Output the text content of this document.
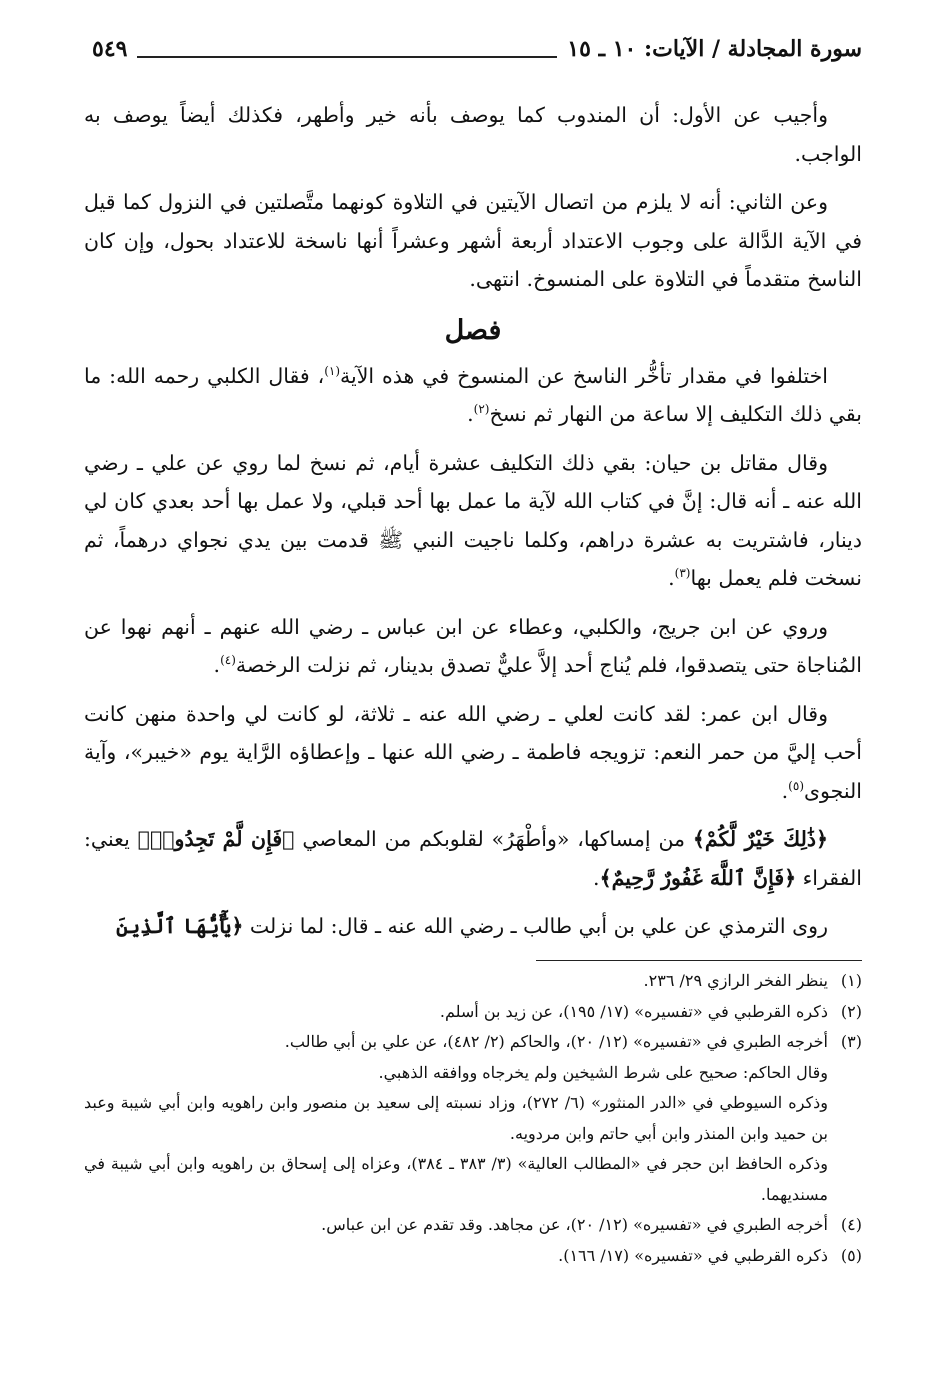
سورة المجادلة / الآيات: ١٠ ـ ١٥
٥٤٩

وأجيب عن الأول: أن المندوب كما يوصف بأنه خير وأطهر، فكذلك أيضاً يوصف به الواجب.

وعن الثاني: أنه لا يلزم من اتصال الآيتين في التلاوة كونهما متَّصلتين في النزول كما قيل في الآية الدَّالة على وجوب الاعتداد أربعة أشهر وعشراً أنها ناسخة للاعتداد بحول، وإن كان الناسخ متقدماً في التلاوة على المنسوخ. انتهى.

فصل

اختلفوا في مقدار تأخُّر الناسخ عن المنسوخ في هذه الآية$^{(١)}$، فقال الكلبي رحمه الله: ما بقي ذلك التكليف إلا ساعة من النهار ثم نسخ$^{(٢)}$.

وقال مقاتل بن حيان: بقي ذلك التكليف عشرة أيام، ثم نسخ لما روي عن علي ـ رضي الله عنه ـ أنه قال: إنَّ في كتاب الله لآية ما عمل بها أحد قبلي، ولا عمل بها أحد بعدي كان لي دينار، فاشتريت به عشرة دراهم، وكلما ناجيت النبي ﷺ قدمت بين يدي نجواي درهماً، ثم نسخت فلم يعمل بها$^{(٣)}$.

وروي عن ابن جريج، والكلبي، وعطاء عن ابن عباس ـ رضي الله عنهم ـ أنهم نهوا عن المُناجاة حتى يتصدقوا، فلم يُناج أحد إلاَّ عليٌّ تصدق بدينار، ثم نزلت الرخصة$^{(٤)}$.

وقال ابن عمر: لقد كانت لعلي ـ رضي الله عنه ـ ثلاثة، لو كانت لي واحدة منهن كانت أحب إليَّ من حمر النعم: تزويجه فاطمة ـ رضي الله عنها ـ وإعطاؤه الرَّاية يوم «خيبر»، وآية النجوى$^{(٥)}$.

﴿ذَٰلِكَ خَيْرٌ لَّكُمْ﴾ من إمساكها، «وأطْهَرُ» لقلوبكم من المعاصي ﴿فَإِن لَّمْ تَجِدُوا۟﴾ يعني: الفقراء ﴿فَإِنَّ ٱللَّهَ غَفُورٌ رَّحِيمٌ﴾.

روى الترمذي عن علي بن أبي طالب ـ رضي الله عنه ـ قال: لما نزلت ﴿يَٰٓأَيُّهَا ٱلَّذِينَ

(١)
ينظر الفخر الرازي ٢٩/ ٢٣٦.
(٢)
ذكره القرطبي في «تفسيره» (١٧/ ١٩٥)، عن زيد بن أسلم.
(٣)
أخرجه الطبري في «تفسيره» (١٢/ ٢٠)، والحاكم (٢/ ٤٨٢)، عن علي بن أبي طالب.
وقال الحاكم: صحيح على شرط الشيخين ولم يخرجاه ووافقه الذهبي.
وذكره السيوطي في «الدر المنثور» (٦/ ٢٧٢)، وزاد نسبته إلى سعيد بن منصور وابن راهويه وابن أبي شيبة وعبد بن حميد وابن المنذر وابن أبي حاتم وابن مردويه.
وذكره الحافظ ابن حجر في «المطالب العالية» (٣/ ٣٨٣ ـ ٣٨٤)، وعزاه إلى إسحاق بن راهويه وابن أبي شيبة في مسنديهما.
(٤)
أخرجه الطبري في «تفسيره» (١٢/ ٢٠)، عن مجاهد. وقد تقدم عن ابن عباس.
(٥)
ذكره القرطبي في «تفسيره» (١٧/ ١٦٦).
